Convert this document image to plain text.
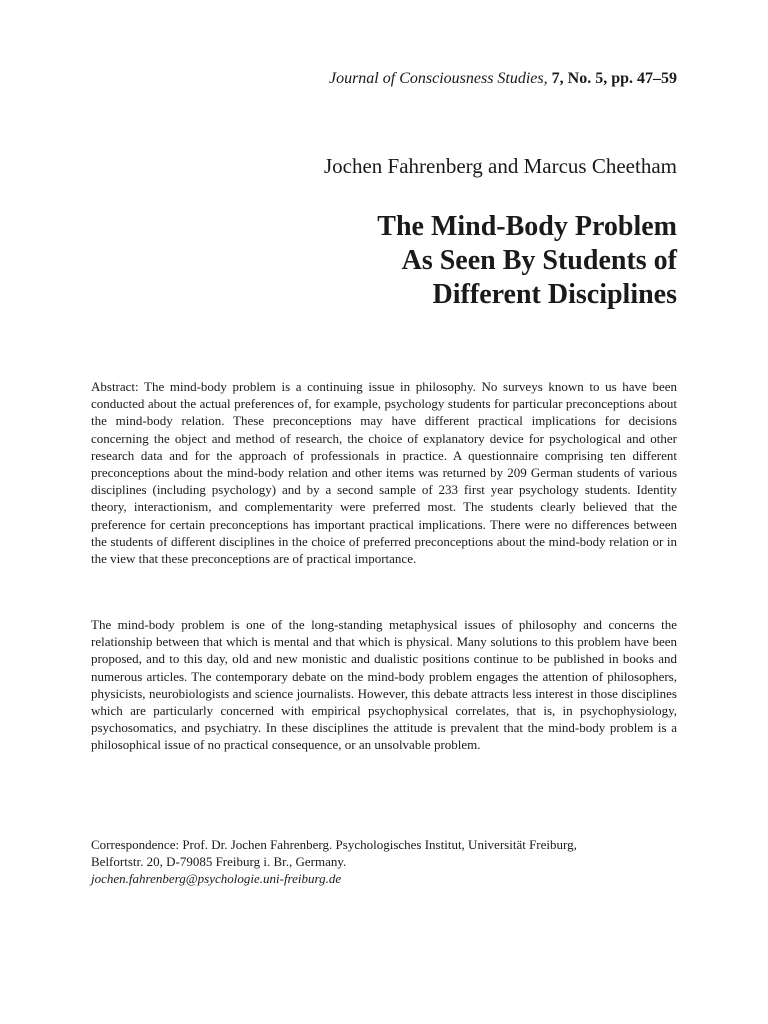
Journal of Consciousness Studies, 7, No. 5, pp. 47–59
Jochen Fahrenberg and Marcus Cheetham
The Mind-Body Problem
As Seen By Students of
Different Disciplines

Abstract: The mind-body problem is a continuing issue in philosophy. No surveys known to us have been conducted about the actual preferences of, for example, psychology students for particular preconceptions about the mind-body relation. These preconceptions may have different practical implications for decisions concerning the object and method of research, the choice of explanatory device for psychological and other research data and for the approach of professionals in practice. A questionnaire comprising ten different preconceptions about the mind-body relation and other items was returned by 209 German students of various disciplines (including psychology) and by a second sample of 233 first year psychology students. Identity theory, interactionism, and complementarity were preferred most. The students clearly believed that the preference for certain preconceptions has important practical implications. There were no differences between the students of different disciplines in the choice of preferred preconceptions about the mind-body relation or in the view that these preconceptions are of practical importance.

The mind-body problem is one of the long-standing metaphysical issues of philosophy and concerns the relationship between that which is mental and that which is physical. Many solutions to this problem have been proposed, and to this day, old and new monistic and dualistic positions continue to be published in books and numerous articles. The contemporary debate on the mind-body problem engages the attention of philosophers, physicists, neurobiologists and science journalists. However, this debate attracts less interest in those disciplines which are particularly concerned with empirical psychophysical correlates, that is, in psychophysiology, psychosomatics, and psychiatry. In these disciplines the attitude is prevalent that the mind-body problem is a philosophical issue of no practical consequence, or an unsolvable problem.

Correspondence: Prof. Dr. Jochen Fahrenberg. Psychologisches Institut, Universität Freiburg,
Belfortstr. 20, D-79085 Freiburg i. Br., Germany.
jochen.fahrenberg@psychologie.uni-freiburg.de
